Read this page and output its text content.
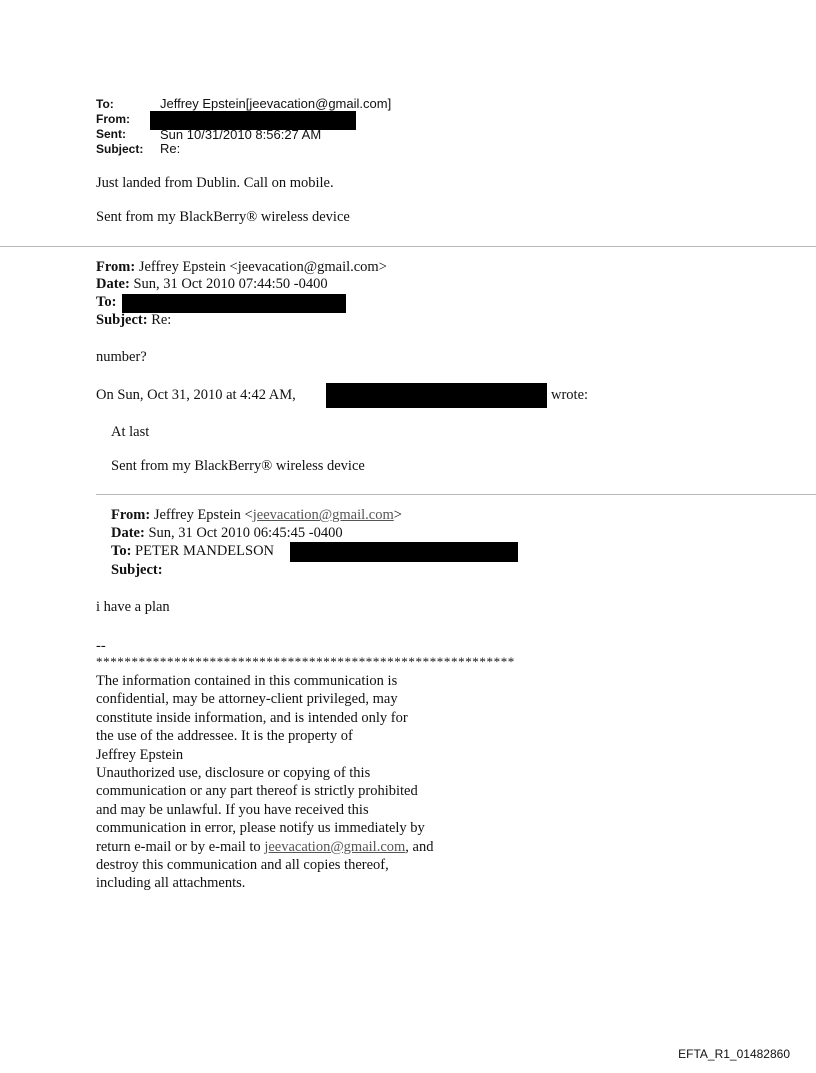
To:	Jeffrey Epstein[jeevacation@gmail.com]
From:
Sent:	Sun 10/31/2010 8:56:27 AM
Subject: Re:
Just landed from Dublin. Call on mobile.
Sent from my BlackBerry® wireless device
From: Jeffrey Epstein <jeevacation@gmail.com>
Date: Sun, 31 Oct 2010 07:44:50 -0400
To:
Subject: Re:
number?
On Sun, Oct 31, 2010 at 4:42 AM,	wrote:
At last
Sent from my BlackBerry® wireless device
From: Jeffrey Epstein <jeevacation@gmail.com>
Date: Sun, 31 Oct 2010 06:45:45 -0400
To: PETER MANDELSON
Subject:
i have a plan
--
***********************************************************
The information contained in this communication is
confidential, may be attorney-client privileged, may
constitute inside information, and is intended only for
the use of the addressee. It is the property of
Jeffrey Epstein
Unauthorized use, disclosure or copying of this
communication or any part thereof is strictly prohibited
and may be unlawful. If you have received this
communication in error, please notify us immediately by
return e-mail or by e-mail to jeevacation@gmail.com, and
destroy this communication and all copies thereof,
including all attachments.
EFTA_R1_01482860
